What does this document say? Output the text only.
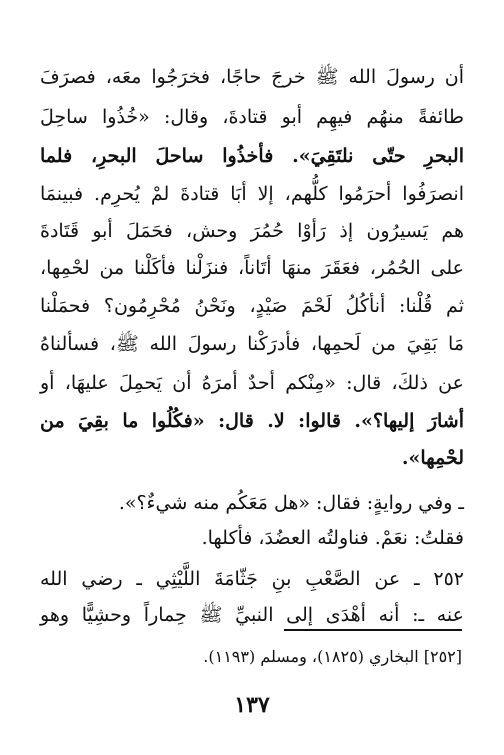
أن رسولَ الله ﷺ خرجَ حاجًا، فخرَجُوا معَه، فصرَفَ
طائفةً منهُم فيهِم أبو قتادةَ، وقال: «خُذُوا ساحِلَ
البحرِ حتّى نلتَقِيَ». فأخذُوا ساحلَ البحرِ، فلما
انصرَفُوا أحرَمُوا كلُّهم، إلا أبَا قتادةَ لمْ يُحرِم. فبينمَا
هم يَسيرُون إذ رَأوْا حُمُرَ وحش، فحَمَلَ أبو قَتَادةَ
على الحُمُر، فعَقَرَ منهَا أتَاناً، فنزَلْنا فأكَلْنا من لحْمِها،
ثم قُلْنا: أنأكُلُ لَحْمَ صَيْدٍ، ونَحْنُ مُحْرِمُون؟ فحمَلْنا
مَا بَقِيَ من لَحمِها، فأدرَكْنا رسولَ الله ﷺ، فسألناهُ
عن ذلكَ، قال: «مِنْكم أحدٌ أمرَهُ أن يَحمِلَ عليهَا، أو
أشارَ إليها؟». قالوا: لا. قال: «فكُلُوا ما بقِيَ من
لحْمِها».
ـ وفي روايةٍ: فقال: «هل مَعَكُم منه شيءٌ؟».
فقلتُ: نعَمْ. فناولتُه العضُدَ، فأكلها.
٢٥٢ ـ عن الصَّعْبِ بنِ جَثّامَةَ اللَّيْثِي ـ رضي الله
عنه ـ: أنه أهْدَى إلى النبيِّ ﷺ حِماراً وحشِيًّا وهو
[٢٥٢] البخاري (١٨٢٥)، ومسلم (١١٩٣).
١٣٧
